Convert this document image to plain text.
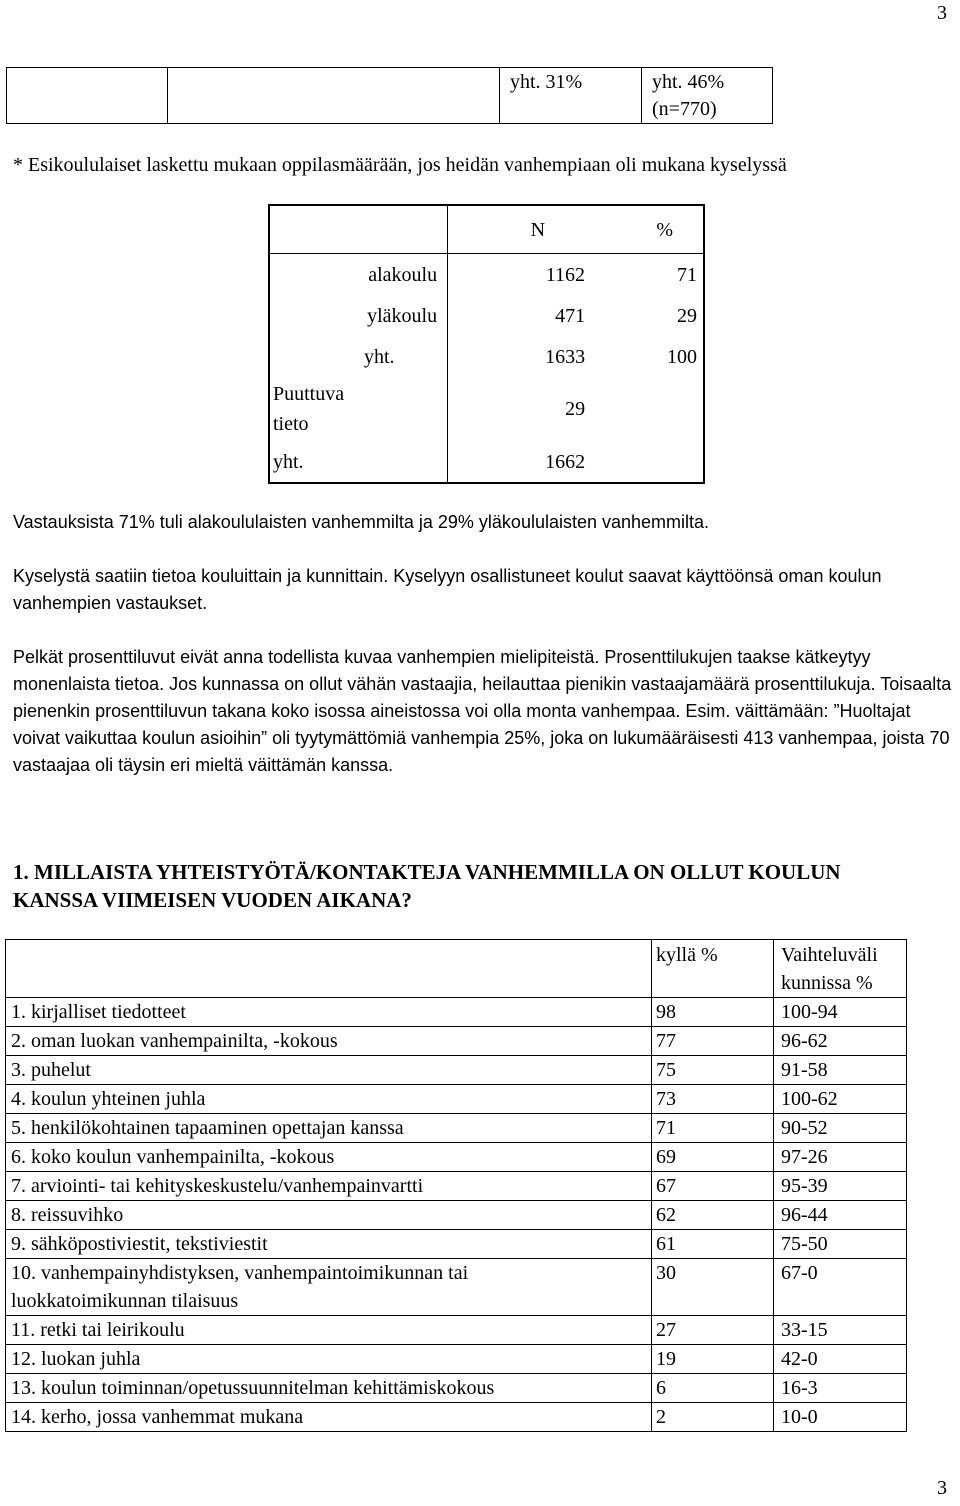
3
		yht. 31%	yht. 46%
(n=770)
* Esikoululaiset laskettu mukaan oppilasmäärään, jos heidän vanhempiaan oli mukana kyselyssä
	N	%
alakoulu	1162	71
yläkoulu	471	29
yht.	1633	100

Puuttuva tieto	29	
yht.	1662	
Vastauksista 71% tuli alakoululaisten vanhemmilta ja 29% yläkoululaisten vanhemmilta.
Kyselystä saatiin tietoa kouluittain ja kunnittain. Kyselyyn osallistuneet koulut saavat käyttöönsä oman koulun vanhempien vastaukset.
Pelkät prosenttiluvut eivät anna todellista kuvaa vanhempien mielipiteistä. Prosenttilukujen taakse kätkeytyy monenlaista tietoa. Jos kunnassa on ollut vähän vastaajia, heilauttaa pienikin vastaajamäärä prosenttilukuja. Toisaalta pienenkin prosenttiluvun takana koko isossa aineistossa voi olla monta vanhempaa. Esim. väittämään: ”Huoltajat voivat vaikuttaa koulun asioihin” oli tyytymättömiä vanhempia 25%, joka on lukumääräisesti 413 vanhempaa, joista 70 vastaajaa oli täysin eri mieltä väittämän kanssa.
1. MILLAISTA YHTEISTYÖTÄ/KONTAKTEJA VANHEMMILLA ON OLLUT KOULUN
KANSSA VIIMEISEN VUODEN AIKANA?
	kyllä %	Vaihteluväli
kunnissa %

1. kirjalliset tiedotteet	98	100-94

2. oman luokan vanhempainilta, -kokous	77	96-62

3. puhelut	75	91-58

4. koulun yhteinen juhla	73	100-62

5. henkilökohtainen tapaaminen opettajan kanssa	71	90-52

6. koko koulun vanhempainilta, -kokous	69	97-26

7. arviointi- tai kehityskeskustelu/vanhempainvartti	67	95-39

8. reissuvihko	62	96-44

9. sähköpostiviestit, tekstiviestit	61	75-50

10. vanhempainyhdistyksen, vanhempaintoimikunnan tai
luokkatoimikunnan tilaisuus	30	67-0

11. retki tai leirikoulu	27	33-15

12. luokan juhla	19	42-0

13. koulun toiminnan/opetussuunnitelman kehittämiskokous	6	16-3

14. kerho, jossa vanhemmat mukana	2	10-0
3
